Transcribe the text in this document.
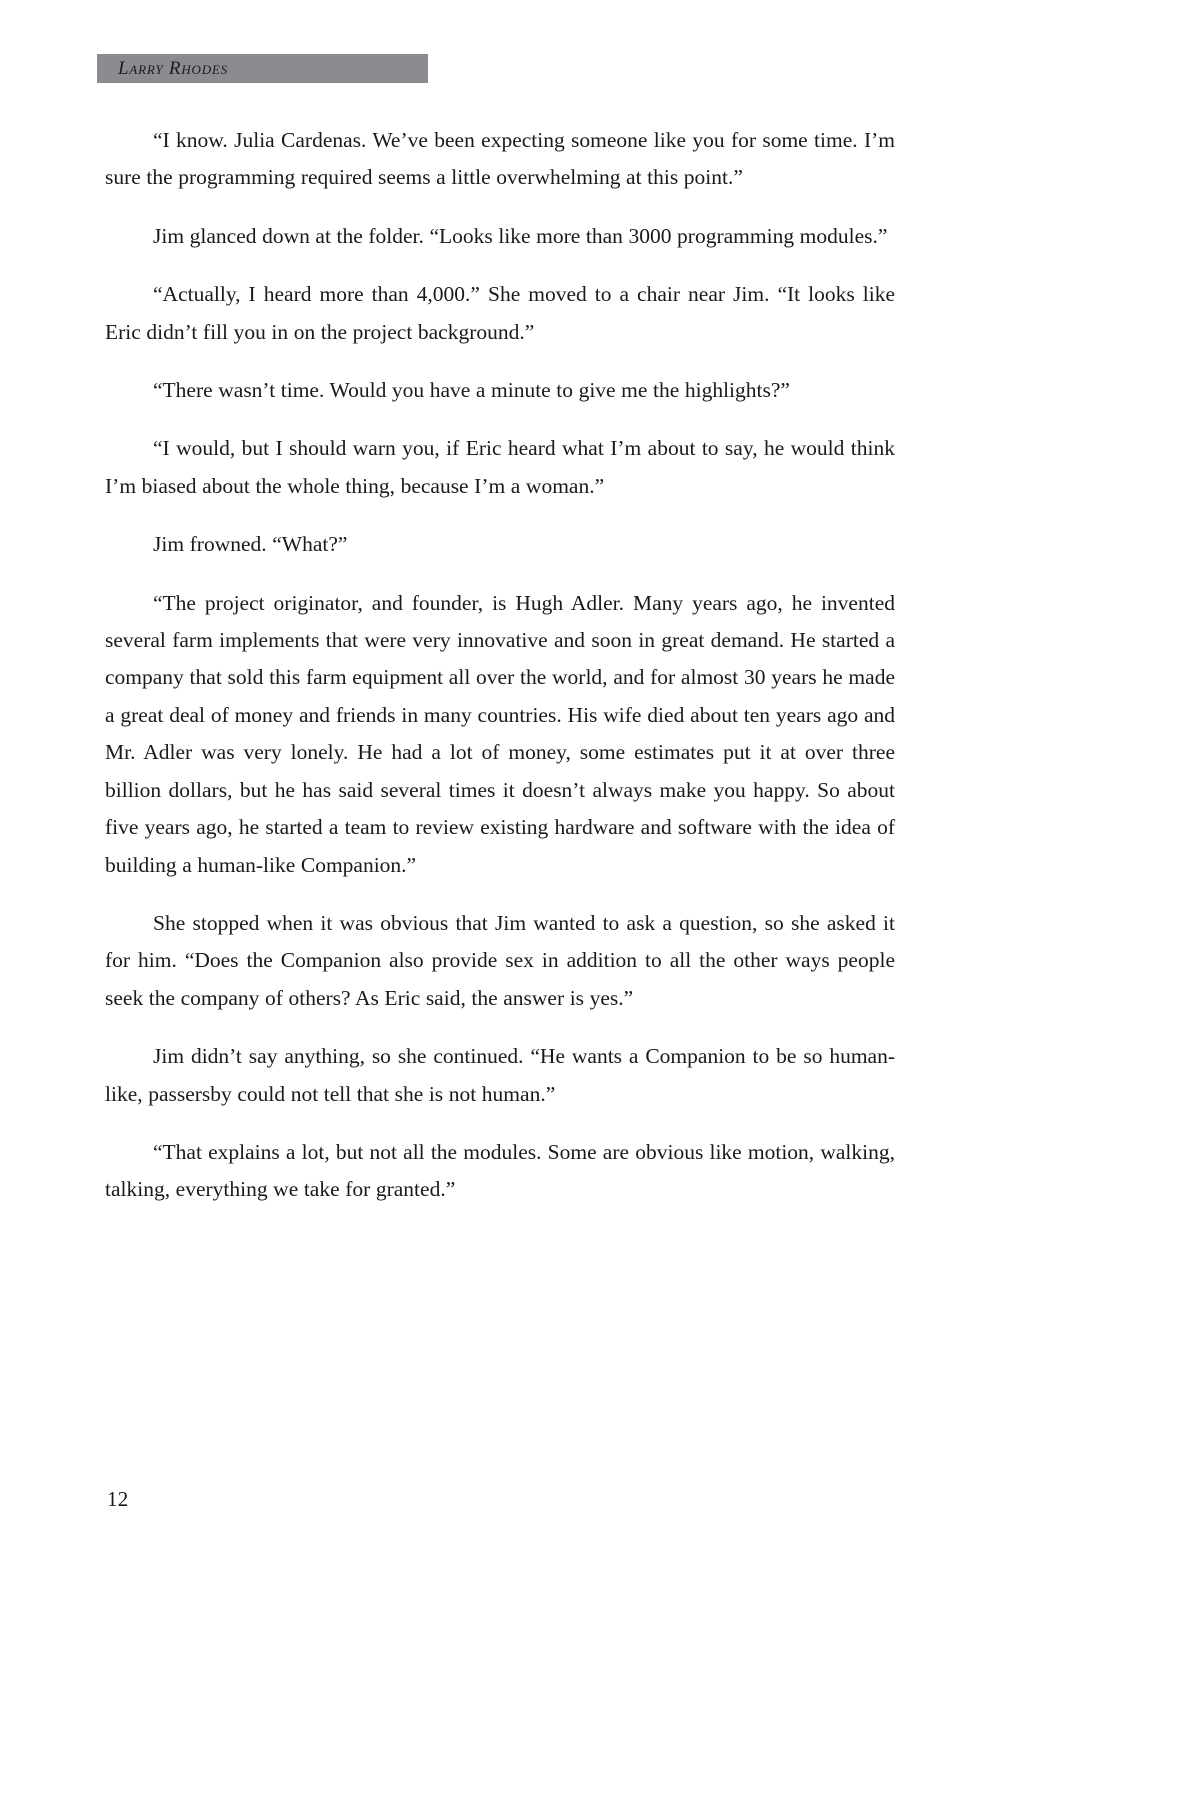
Larry Rhodes

“I know. Julia Cardenas. We’ve been expecting someone like you for some time. I’m sure the programming required seems a little overwhelming at this point.”

Jim glanced down at the folder. “Looks like more than 3000 programming modules.”

“Actually, I heard more than 4,000.” She moved to a chair near Jim. “It looks like Eric didn’t fill you in on the project background.”

“There wasn’t time. Would you have a minute to give me the highlights?”

“I would, but I should warn you, if Eric heard what I’m about to say, he would think I’m biased about the whole thing, because I’m a woman.”

Jim frowned. “What?”

“The project originator, and founder, is Hugh Adler. Many years ago, he invented several farm implements that were very innovative and soon in great demand. He started a company that sold this farm equipment all over the world, and for almost 30 years he made a great deal of money and friends in many countries. His wife died about ten years ago and Mr. Adler was very lonely. He had a lot of money, some estimates put it at over three billion dollars, but he has said several times it doesn’t always make you happy. So about five years ago, he started a team to review existing hardware and software with the idea of building a human-like Companion.”

She stopped when it was obvious that Jim wanted to ask a question, so she asked it for him. “Does the Companion also provide sex in addition to all the other ways people seek the company of others? As Eric said, the answer is yes.”

Jim didn’t say anything, so she continued. “He wants a Companion to be so human-like, passersby could not tell that she is not human.”

“That explains a lot, but not all the modules. Some are obvious like motion, walking, talking, everything we take for granted.”

12
